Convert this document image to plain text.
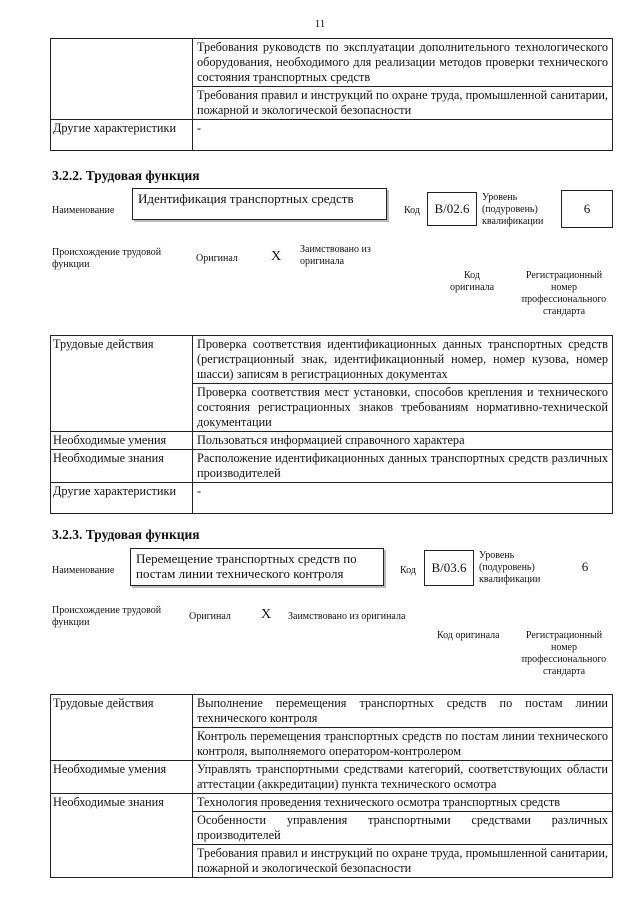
11
	Требования руководств по эксплуатации дополнительного технологического оборудования, необходимого для реализации методов проверки технического состояния транспортных средств
	Требования правил и инструкций по охране труда, промышленной санитарии, пожарной и экологической безопасности
Другие характеристики	-
3.2.2. Трудовая функция
Наименование
Идентификация транспортных средств
Код	B/02.6
Уровень (подуровень) квалификации
6
Происхождение трудовой функции
Оригинал X Заимствовано из оригинала
Код оригинала
Регистрационный номер профессионального стандарта
Трудовые действия	Проверка соответствия идентификационных данных транспортных средств (регистрационный знак, идентификационный номер, номер кузова, номер шасси) записям в регистрационных документах
	Проверка соответствия мест установки, способов крепления и технического состояния регистрационных знаков требованиям нормативно-технической документации
Необходимые умения	Пользоваться информацией справочного характера
Необходимые знания	Расположение идентификационных данных транспортных средств различных производителей
Другие характеристики	-
3.2.3. Трудовая функция
Наименование
Перемещение транспортных средств по постам линии технического контроля	Код	B/03.6
Уровень (подуровень) квалификации
6
Происхождение трудовой функции
Оригинал X Заимствовано из оригинала
Код оригинала	Регистрационный номер профессионального стандарта
Трудовые действия	Выполнение перемещения транспортных средств по постам линии технического контроля
	Контроль перемещения транспортных средств по постам линии технического контроля, выполняемого оператором-контролером
Необходимые умения	Управлять транспортными средствами категорий, соответствующих области аттестации (аккредитации) пункта технического осмотра
Необходимые знания	Технология проведения технического осмотра транспортных средств
	Особенности управления транспортными средствами различных производителей
	Требования правил и инструкций по охране труда, промышленной санитарии, пожарной и экологической безопасности
